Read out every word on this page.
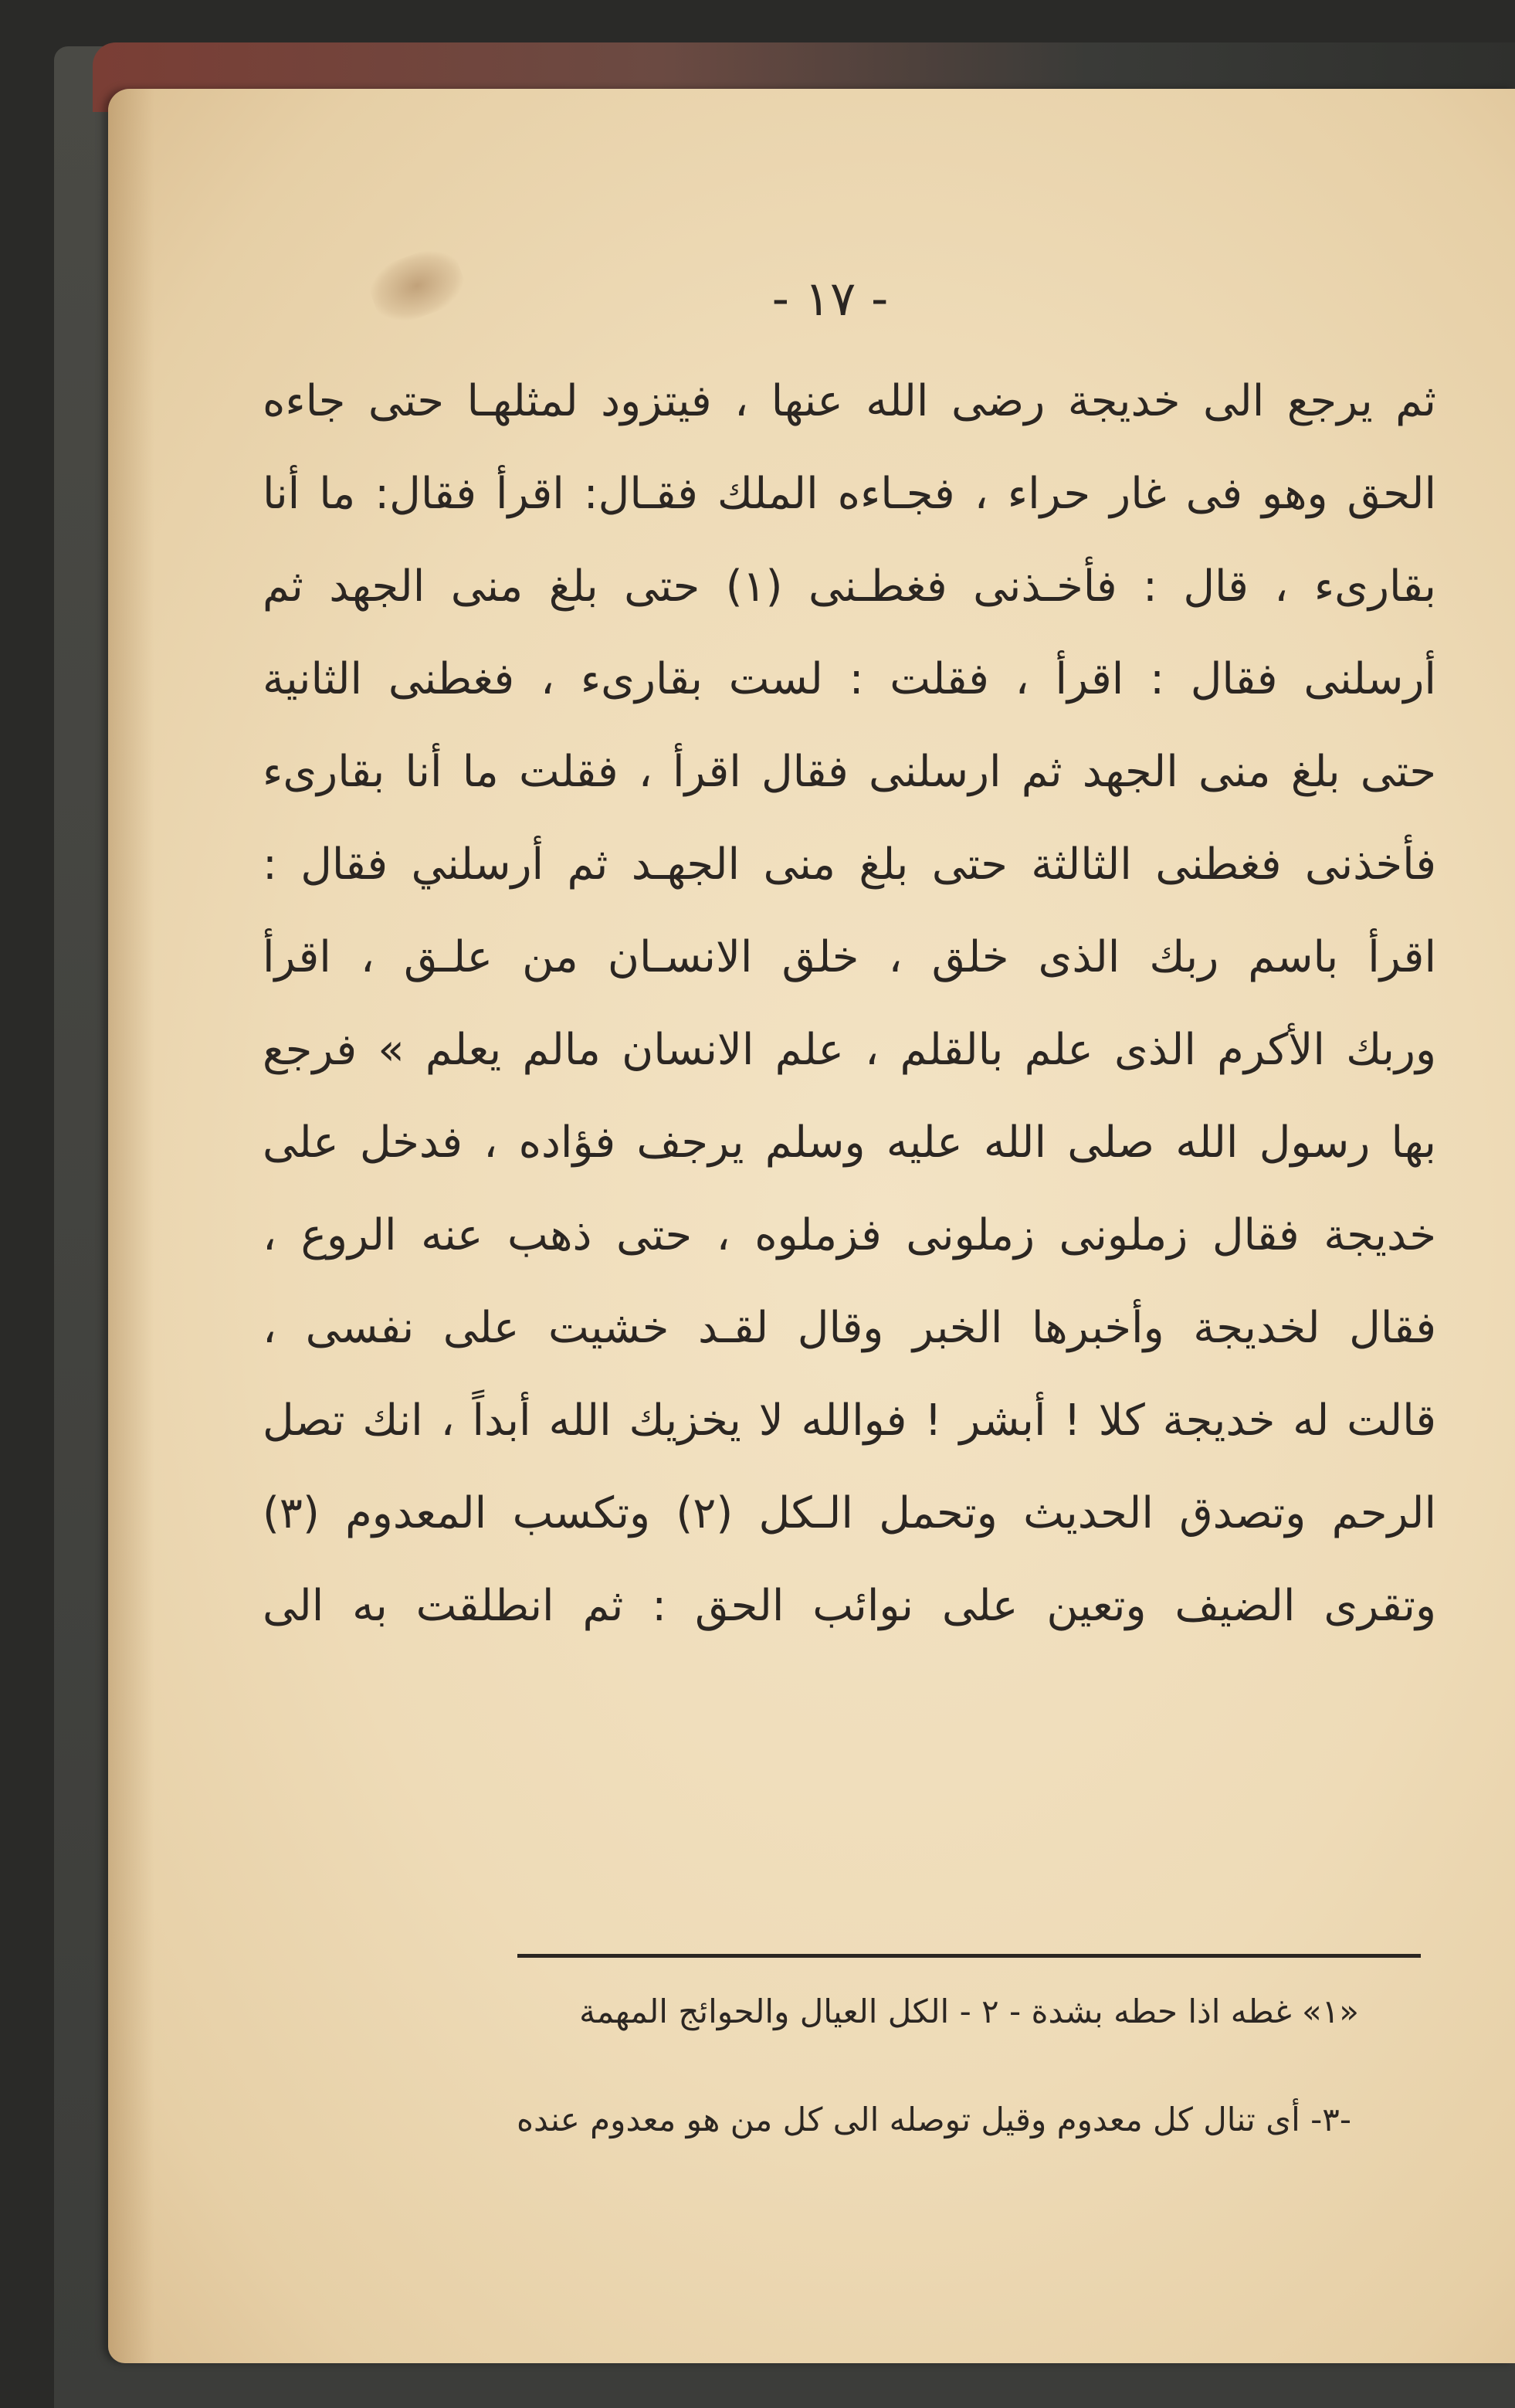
- ١٧ -
ثم يرجع الى خديجة رضى الله عنها ، فيتزود لمثلهـا حتى جاءه
الحق وهو فى غار حراء ، فجـاءه الملك فقـال: اقرأ فقال: ما أنا
بقارىء ، قال : فأخـذنى فغطـنى (١) حتى بلغ منى الجهد ثم
أرسلنى فقال : اقرأ ، فقلت : لست بقارىء ، فغطنى الثانية
حتى بلغ منى الجهد ثم ارسلنى فقال اقرأ ، فقلت ما أنا بقارىء
فأخذنى فغطنى الثالثة حتى بلغ منى الجهـد ثم أرسلني فقال :
اقرأ باسم ربك الذى خلق ، خلق الانسـان من علـق ، اقرأ
وربك الأكرم الذى علم بالقلم ، علم الانسان مالم يعلم » فرجع
بها رسول الله صلى الله عليه وسلم يرجف فؤاده ، فدخل على
خديجة فقال زملونى زملونى فزملوه ، حتى ذهب عنه الروع ،
فقال لخديجة وأخبرها الخبر وقال لقـد خشيت على نفسى ،
قالت له خديجة كلا ! أبشر ! فوالله لا يخزيك الله أبداً ، انك تصل
الرحم وتصدق الحديث وتحمل الـكل (٢) وتكسب المعدوم (٣)
وتقرى الضيف وتعين على نوائب الحق : ثم انطلقت به الى
«١» غطه اذا حطه بشدة - ٢ - الكل العيال والحوائج المهمة
-٣- أى تنال كل معدوم وقيل توصله الى كل من هو معدوم عنده
